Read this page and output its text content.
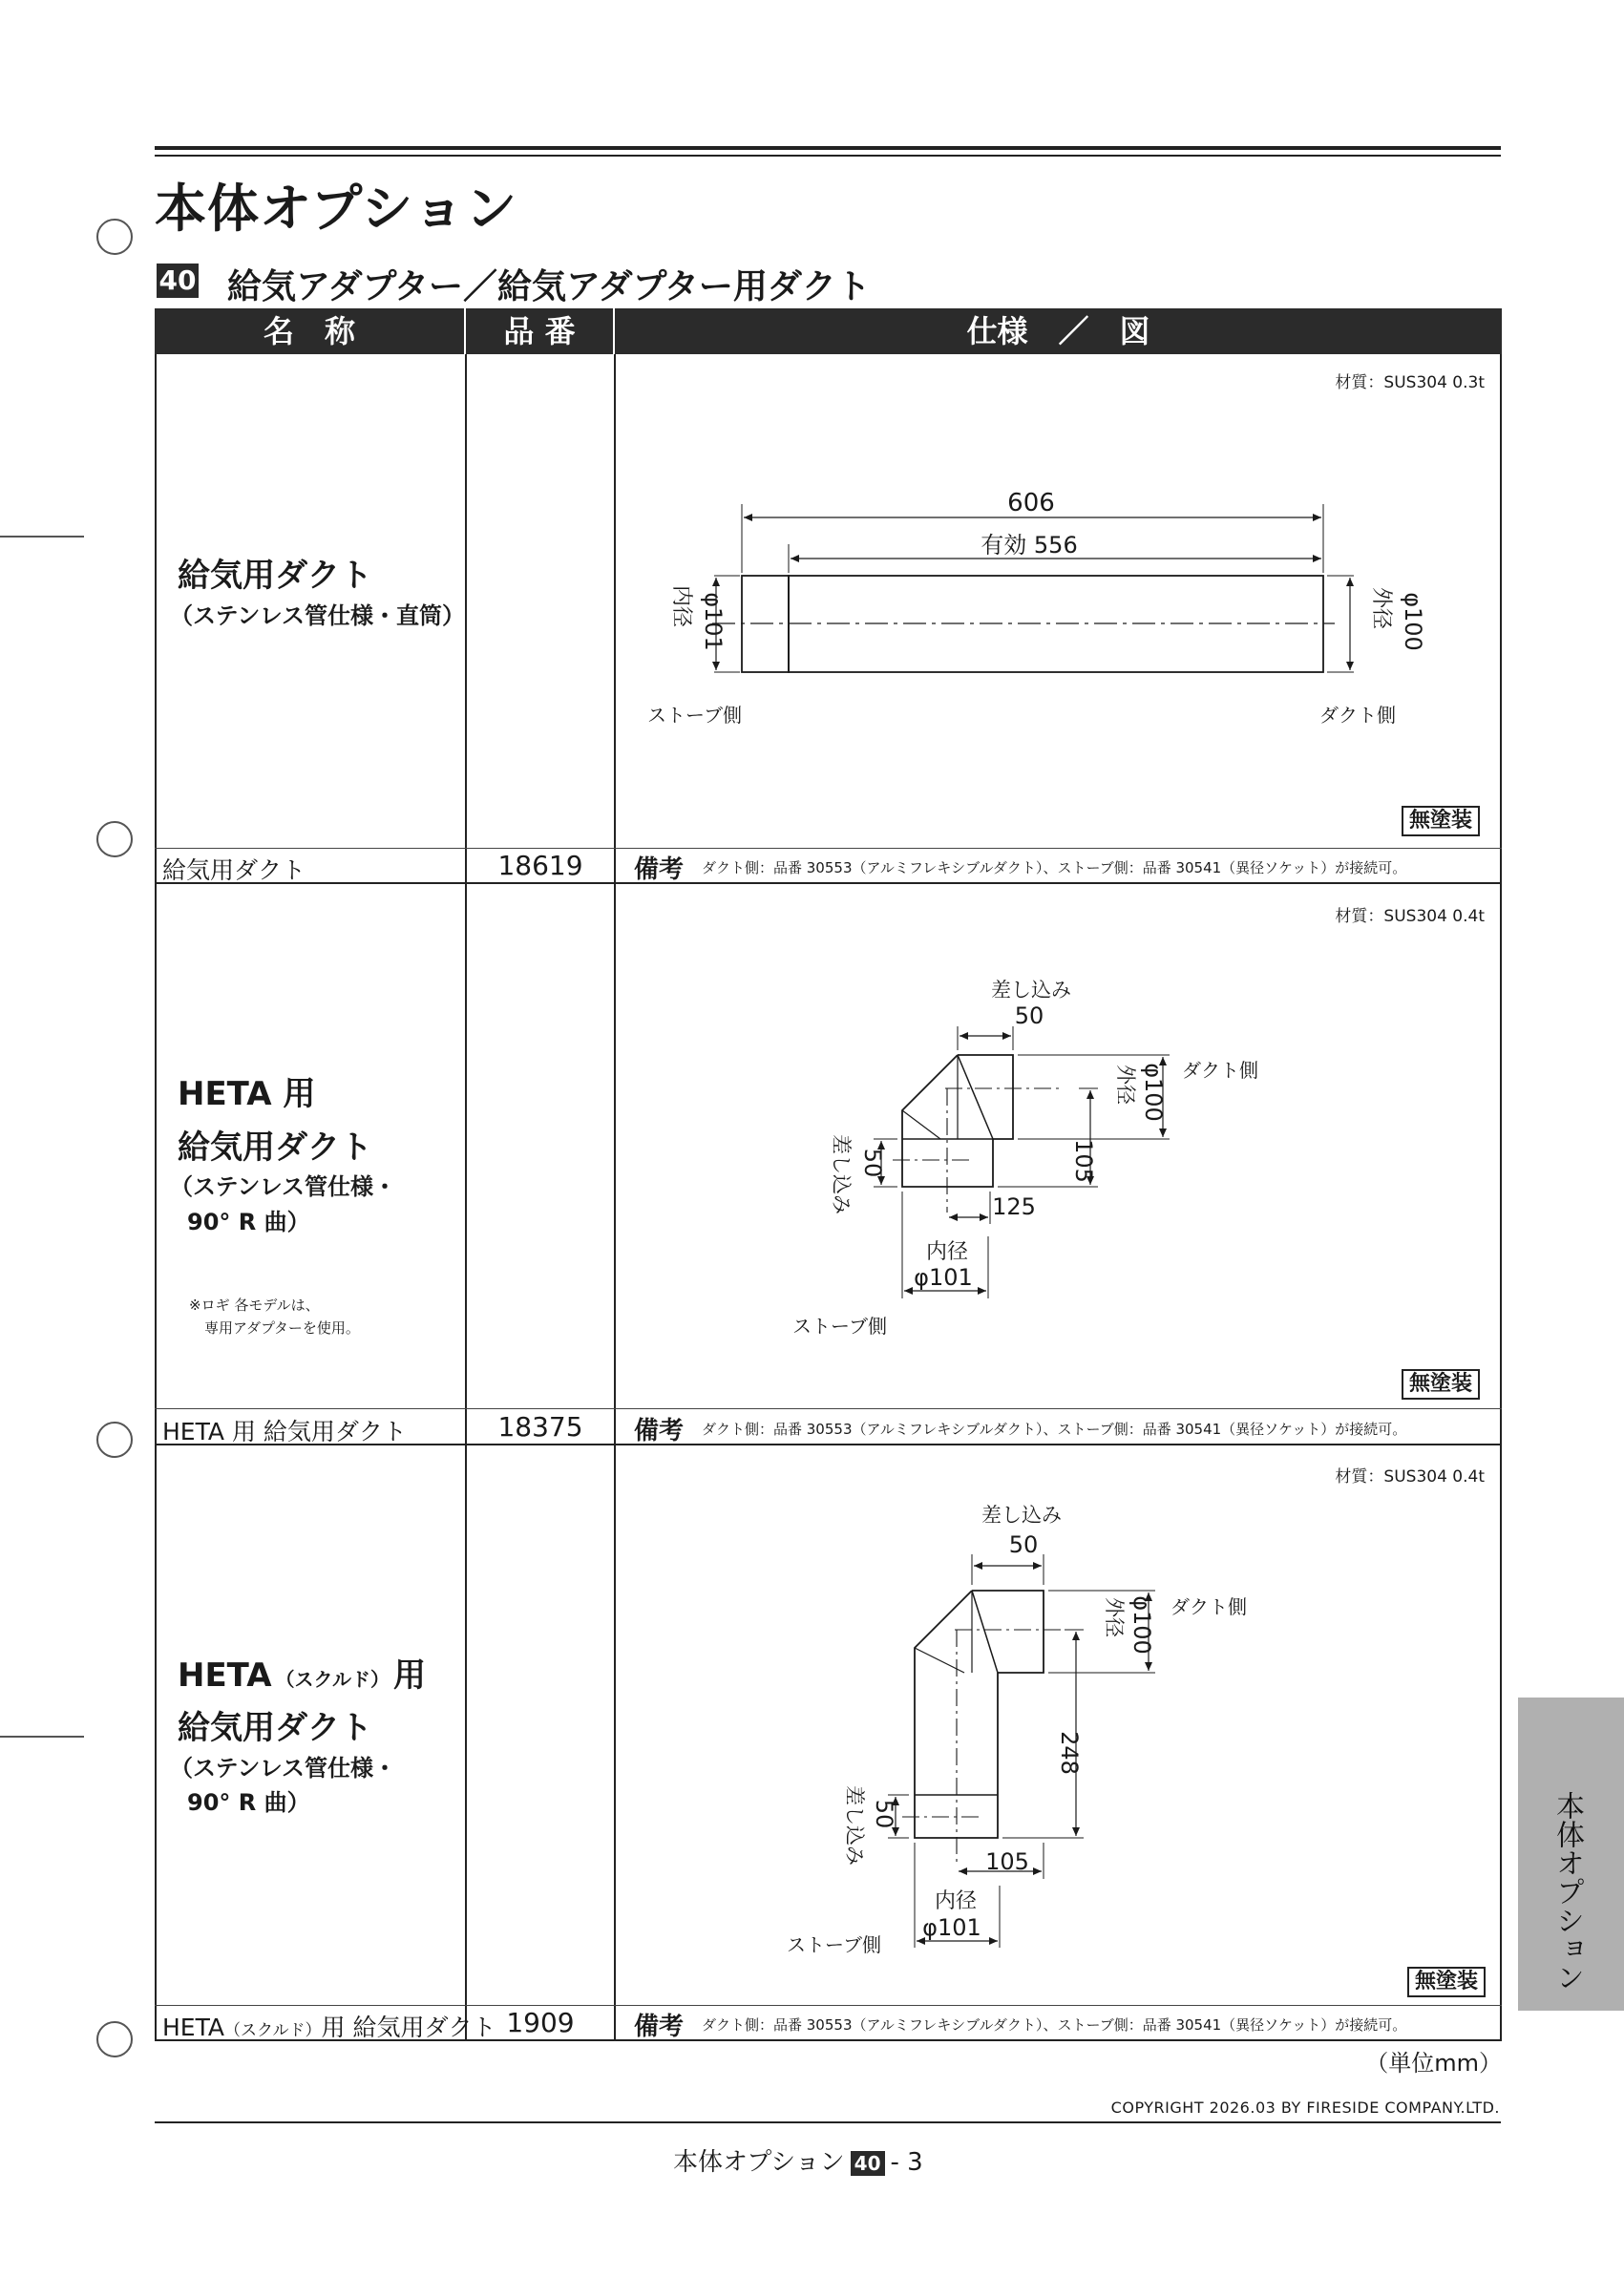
本体オプション
40 給気アダプター／給気アダプター用ダクト
名　称	品 番	仕様　／　図
給気用ダクト
（ステンレス管仕様・直筒）
材質：SUS304 0.3t
無塗装
給気用ダクト	18619	備考 ダクト側：品番 30553（アルミフレキシブルダクト）、ストーブ側：品番 30541（異径ソケット）が接続可。
606
有効 556
内径 φ101	外径 φ100
ストーブ側	ダクト側
HETA 用
給気用ダクト
（ステンレス管仕様・
90° R 曲）
※ロギ 各モデルは、
専用アダプターを使用。
材質：SUS304 0.4t
無塗装
HETA 用 給気用ダクト	18375	備考 ダクト側：品番 30553（アルミフレキシブルダクト）、ストーブ側：品番 30541（異径ソケット）が接続可。
差し込み
50
ダクト側
外径 φ100
105
差し込み 50
125
内径
φ101
ストーブ側
HETA （スクルド） 用
給気用ダクト
（ステンレス管仕様・
90° R 曲）
材質：SUS304 0.4t
無塗装
HETA（スクルド）用 給気用ダクト 1909	備考 ダクト側：品番 30553（アルミフレキシブルダクト）、ストーブ側：品番 30541（異径ソケット）が接続可。
差し込み
50
ダクト側
外径 φ100
248
差し込み 50
105
内径
φ101
ストーブ側
（単位mm）
COPYRIGHT 2026.03 BY FIRESIDE COMPANY.LTD.
本体オプション 40 - 3
本体オプション
